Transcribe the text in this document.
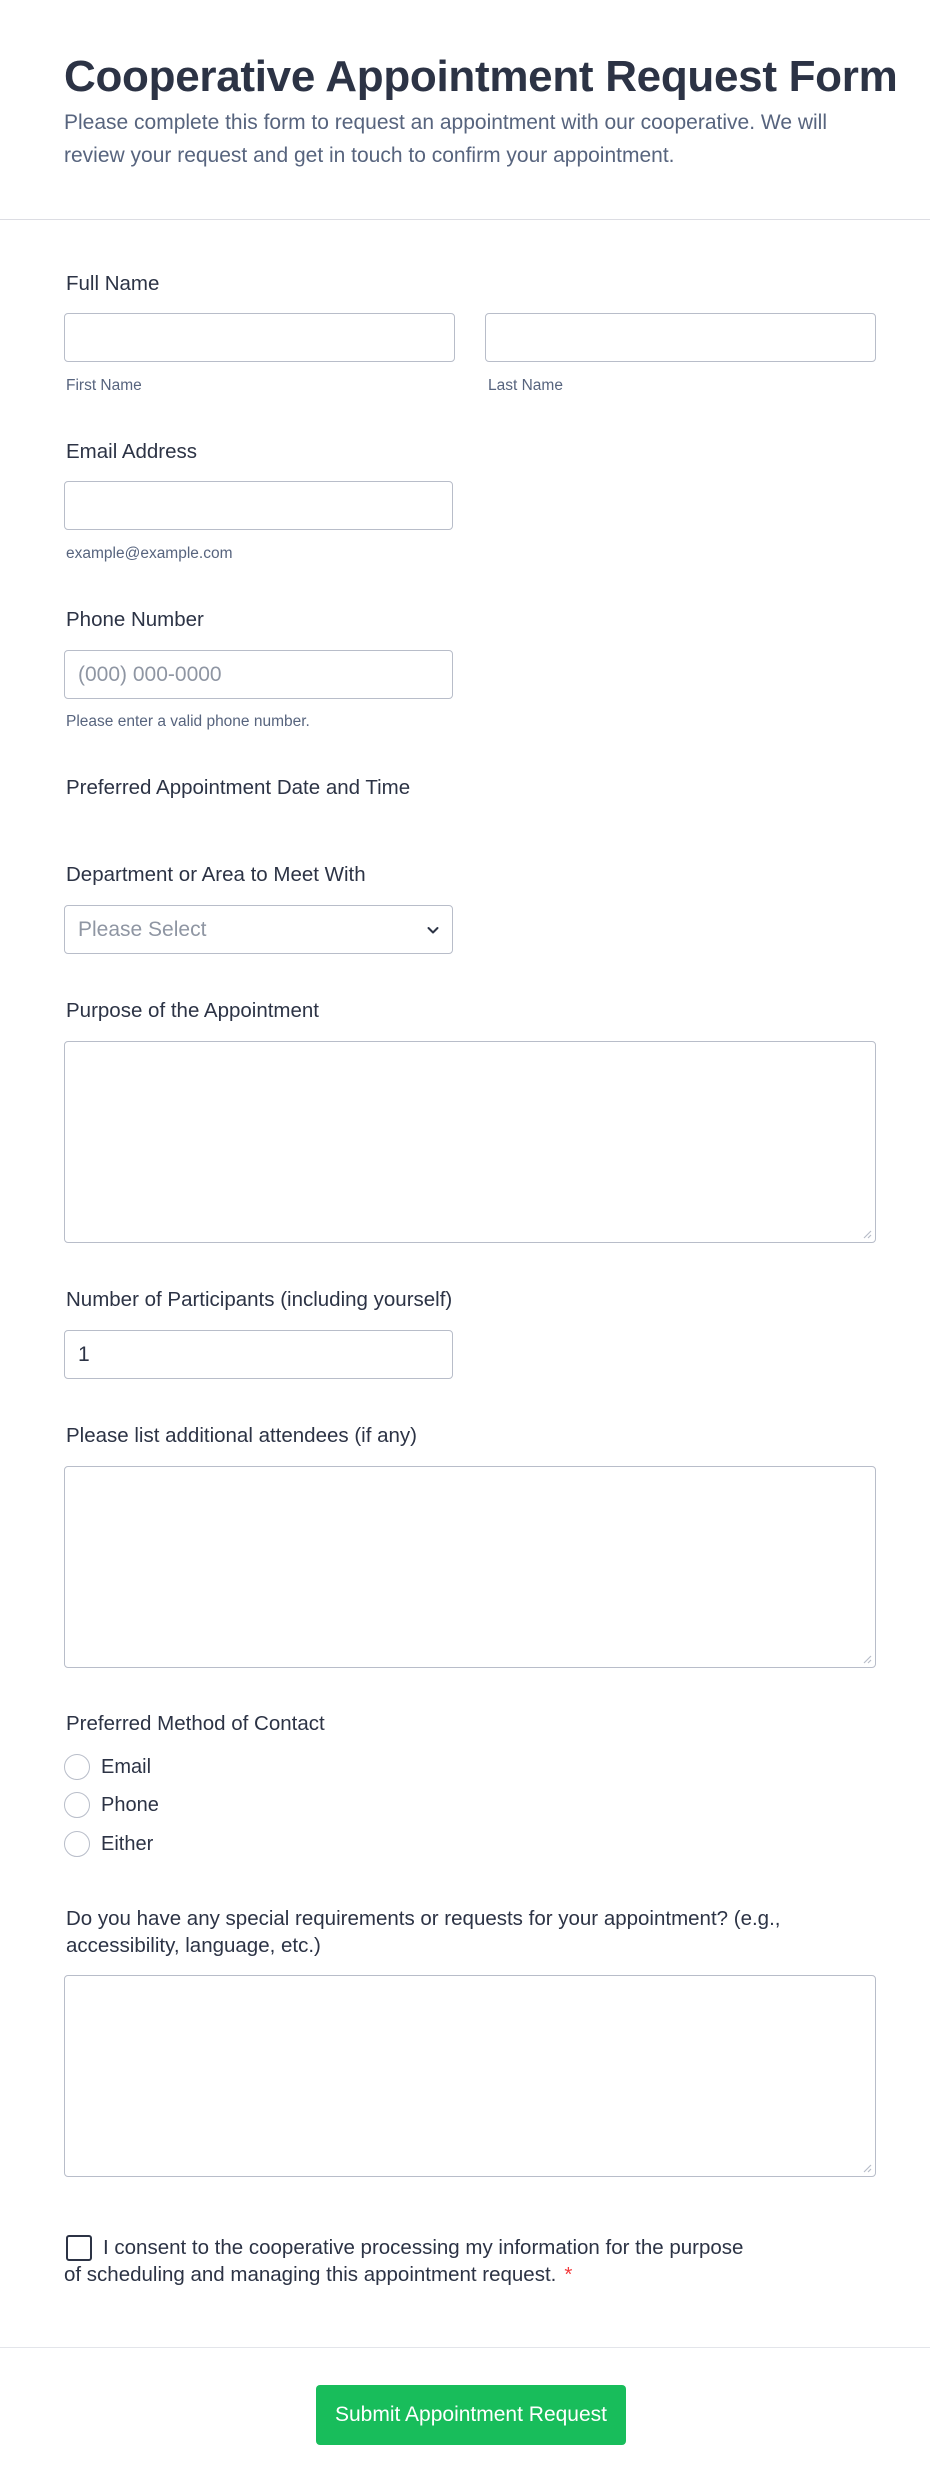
Cooperative Appointment Request Form

Please complete this form to request an appointment with our cooperative. We will review your request and get in touch to confirm your appointment.

Full Name
First Name	Last Name
Email Address
example@example.com
Phone Number
(000) 000-0000
Please enter a valid phone number.
Preferred Appointment Date and Time
Department or Area to Meet With
Please Select
Purpose of the Appointment
Number of Participants (including yourself)
1
Please list additional attendees (if any)
Preferred Method of Contact
Email
Phone
Either
Do you have any special requirements or requests for your appointment? (e.g.,
accessibility, language, etc.)
I consent to the cooperative processing my information for the purpose
of scheduling and managing this appointment request. *
Submit Appointment Request
